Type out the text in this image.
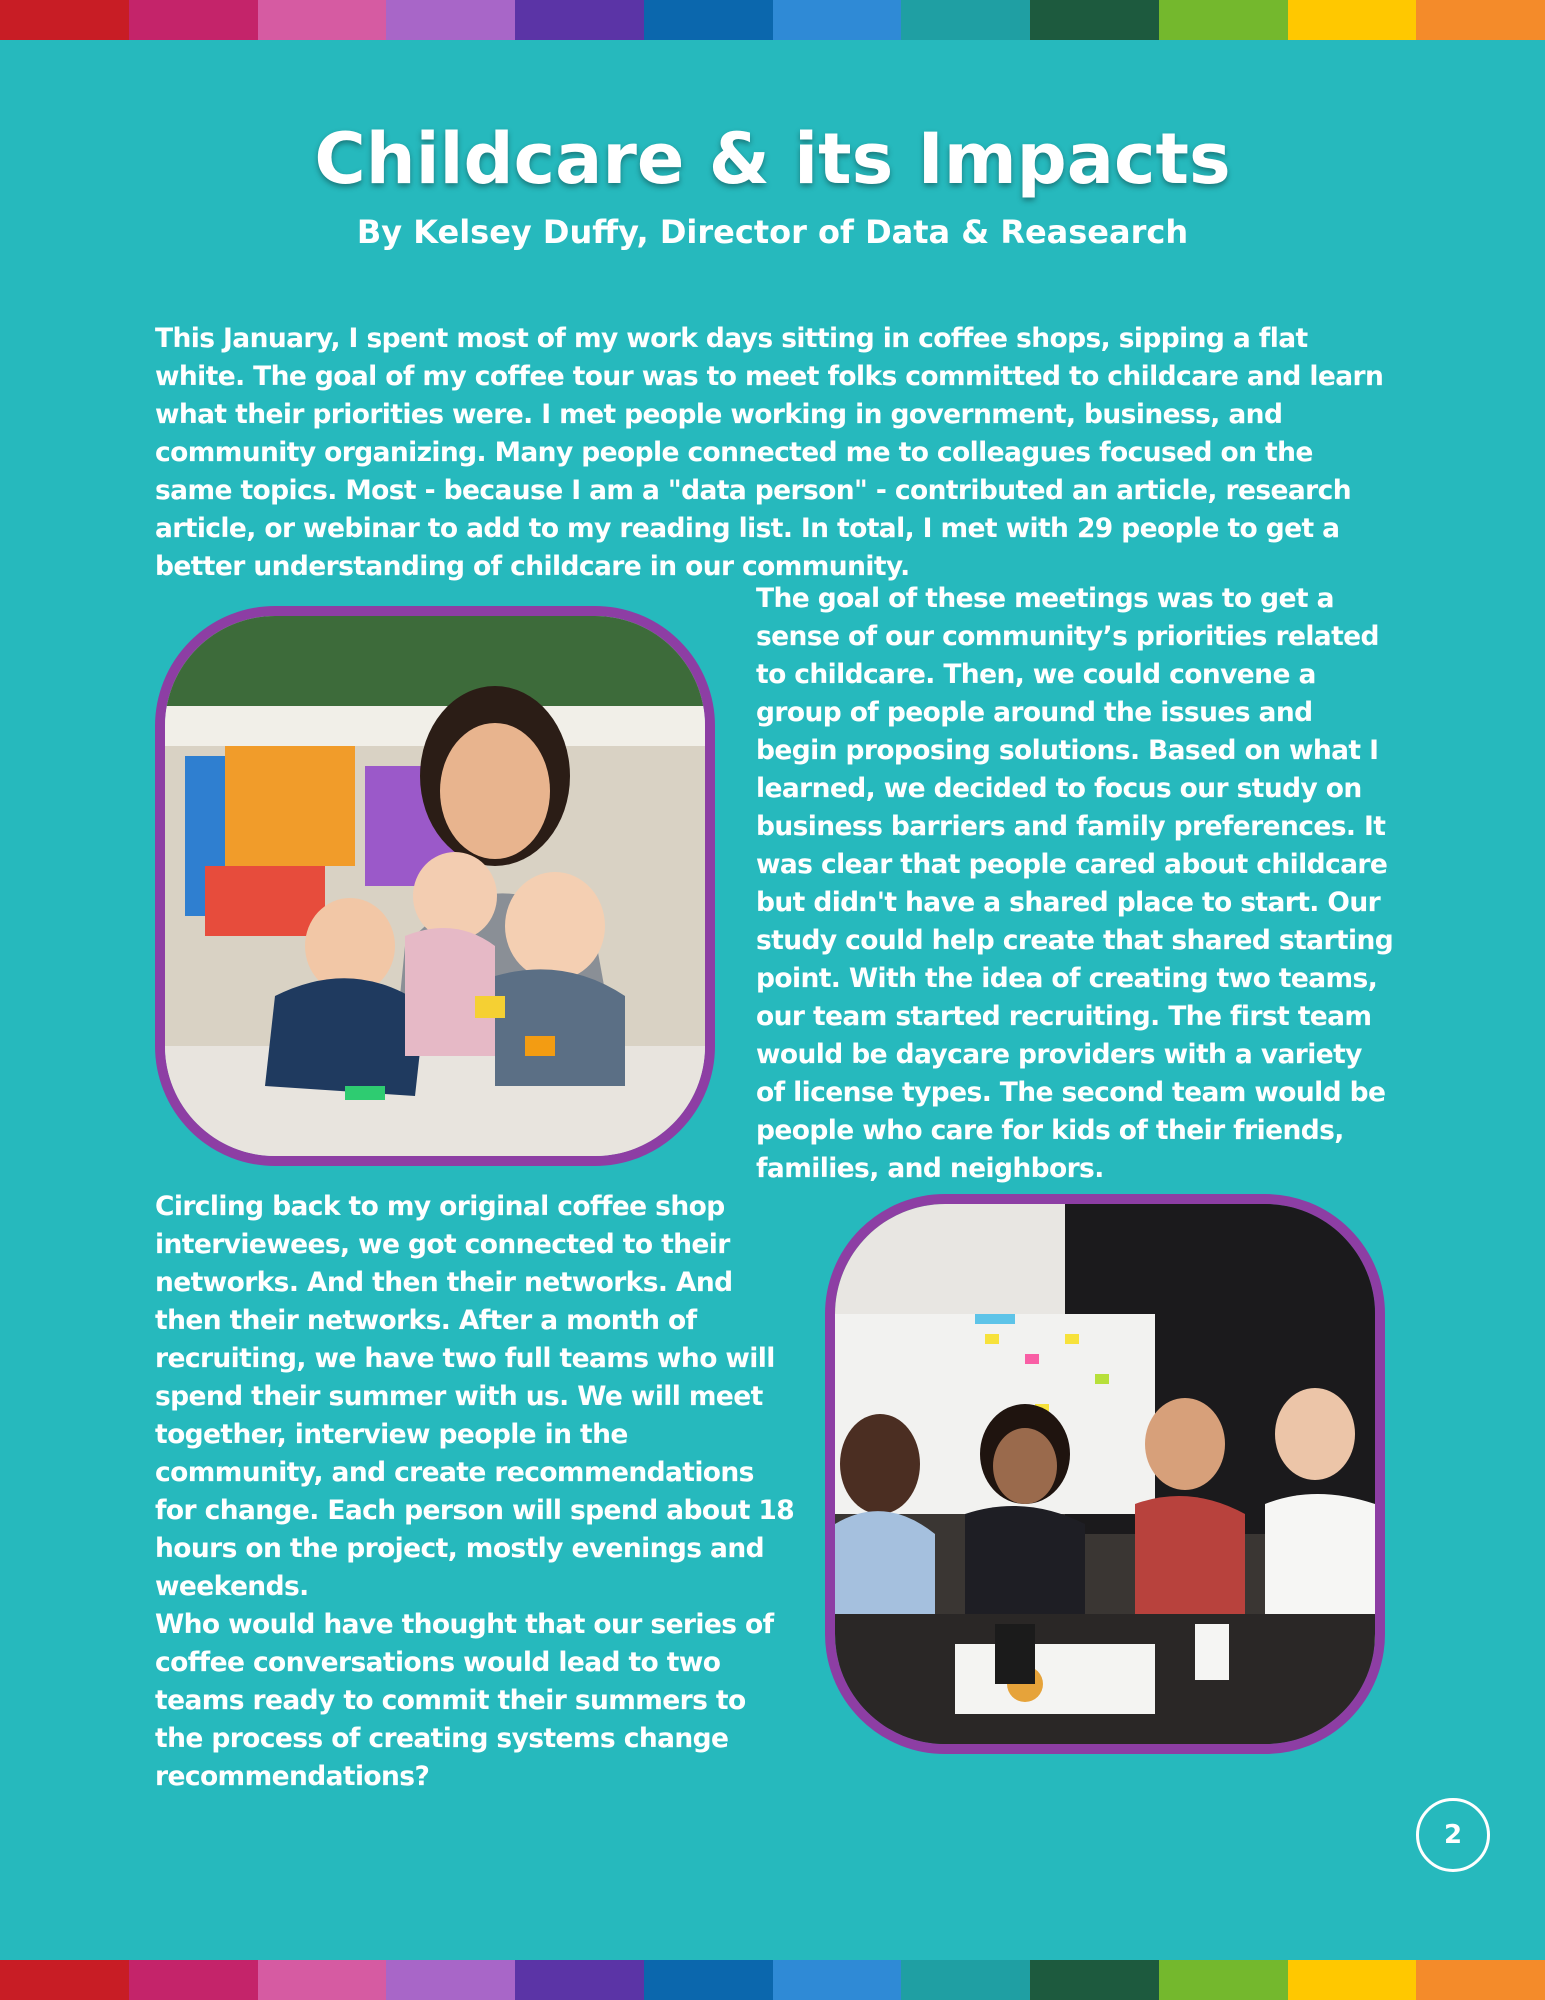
Childcare & its Impacts
By Kelsey Duffy, Director of Data & Reasearch

This January, I spent most of my work days sitting in coffee shops, sipping a flat white. The goal of my coffee tour was to meet folks committed to childcare and learn what their priorities were. I met people working in government, business, and community organizing. Many people connected me to colleagues focused on the same topics. Most - because I am a "data person" - contributed an article, research article, or webinar to add to my reading list. In total, I met with 29 people to get a better understanding of childcare in our community.

The goal of these meetings was to get a sense of our community’s priorities related to childcare. Then, we could convene a group of people around the issues and begin proposing solutions. Based on what I learned, we decided to focus our study on business barriers and family preferences. It was clear that people cared about childcare but didn't have a shared place to start. Our study could help create that shared starting point. With the idea of creating two teams, our team started recruiting. The first team would be daycare providers with a variety of license types. The second team would be people who care for kids of their friends, families, and neighbors.

Circling back to my original coffee shop interviewees, we got connected to their networks. And then their networks. And then their networks. After a month of recruiting, we have two full teams who will spend their summer with us. We will meet together, interview people in the community, and create recommendations for change. Each person will spend about 18 hours on the project, mostly evenings and weekends.

Who would have thought that our series of coffee conversations would lead to two teams ready to commit their summers to the process of creating systems change recommendations?

2
